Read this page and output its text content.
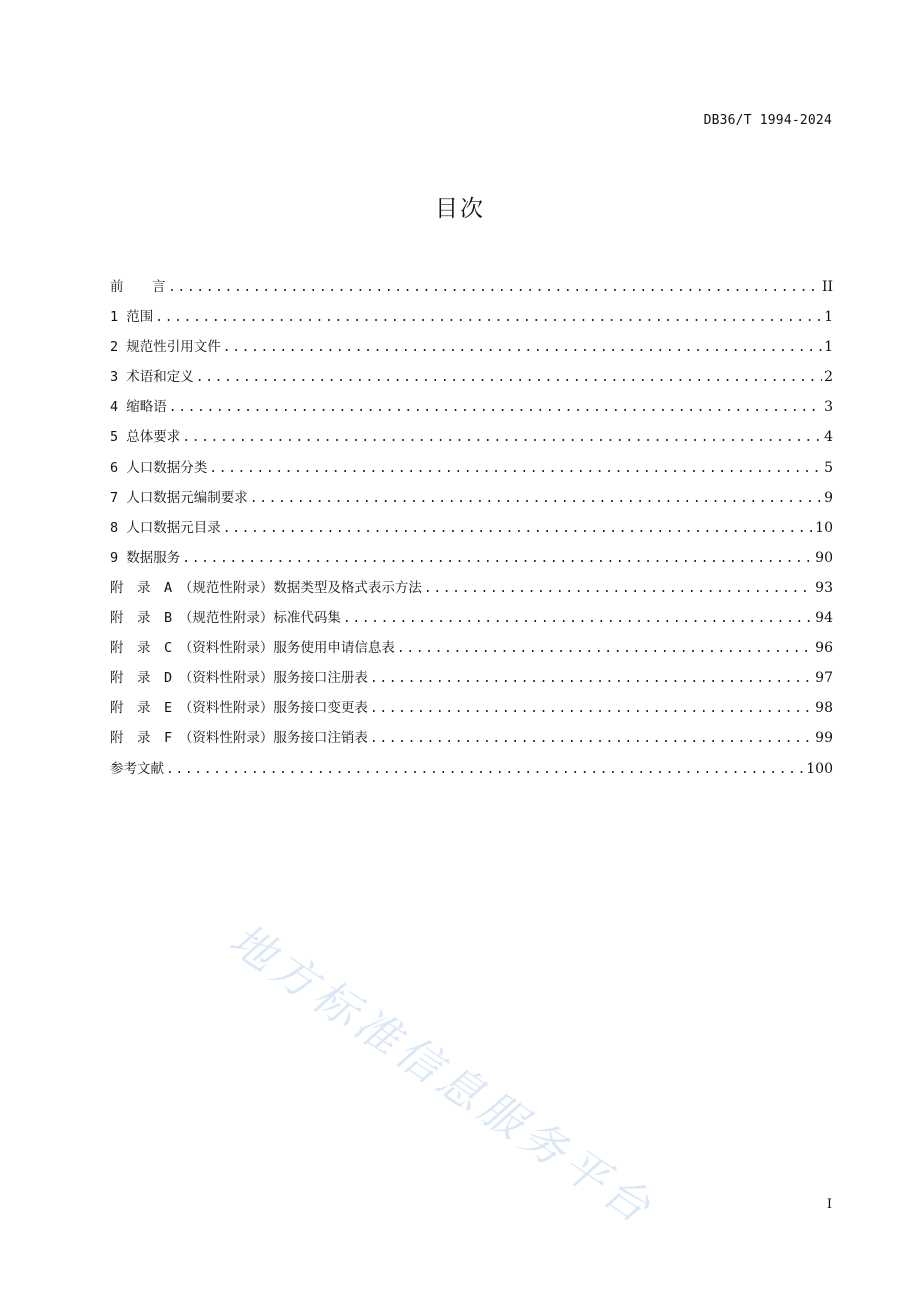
DB36/T 1994-2024
目次
前　　言 .....	II
1 范围 .....	1
2 规范性引用文件 .....	1
3 术语和定义 .....	2
4 缩略语 .....	3
5 总体要求 .....	4
6 人口数据分类 .....	5
7 人口数据元编制要求 .....	9
8 人口数据元目录 .....	10
9 数据服务 .....	90
附　录　A　（规范性附录）数据类型及格式表示方法 .....	93
附　录　B　（规范性附录）标准代码集 .....	94
附　录　C　（资料性附录）服务使用申请信息表 .....	96
附　录　D　（资料性附录）服务接口注册表 .....	97
附　录　E　（资料性附录）服务接口变更表 .....	98
附　录　F　（资料性附录）服务接口注销表 .....	99
参考文献 .....	100
地方标准信息服务平台	I
